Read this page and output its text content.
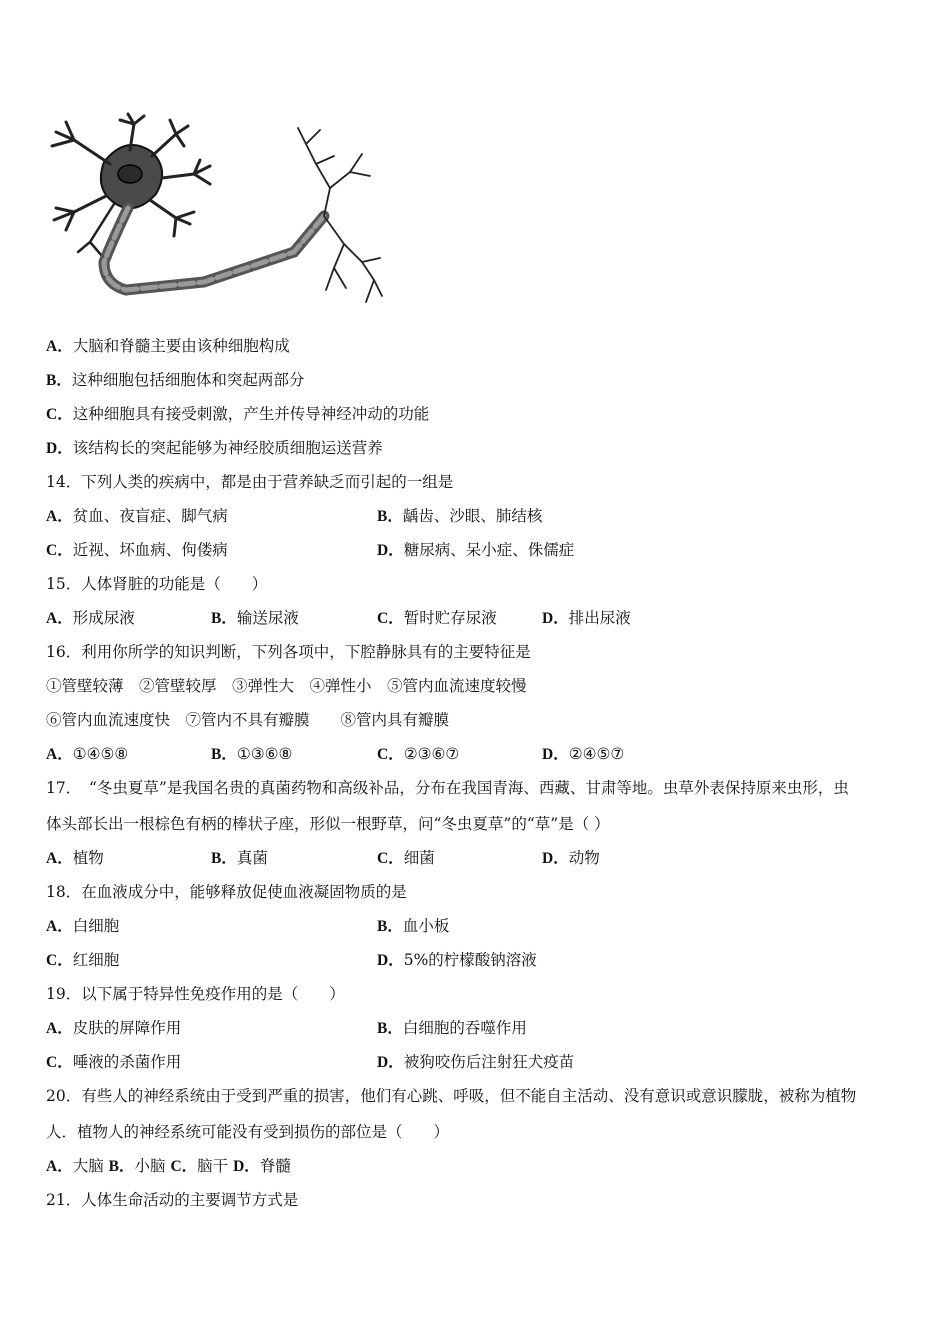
A．大脑和脊髓主要由该种细胞构成
B．这种细胞包括细胞体和突起两部分
C．这种细胞具有接受刺激，产生并传导神经冲动的功能
D．该结构长的突起能够为神经胶质细胞运送营养
14．下列人类的疾病中，都是由于营养缺乏而引起的一组是
A．贫血、夜盲症、脚气病	B．龋齿、沙眼、肺结核
C．近视、坏血病、佝偻病	D．糖尿病、呆小症、侏儒症
15．人体肾脏的功能是（　　）
A．形成尿液	B．输送尿液	C．暂时贮存尿液	D．排出尿液
16．利用你所学的知识判断，下列各项中，下腔静脉具有的主要特征是
①管壁较薄　②管壁较厚　③弹性大　④弹性小　⑤管内血流速度较慢
⑥管内血流速度快　⑦管内不具有瓣膜　　⑧管内具有瓣膜
A．①④⑤⑧	B．①③⑥⑧	C．②③⑥⑦	D．②④⑤⑦
17．　“冬虫夏草”是我国名贵的真菌药物和高级补品，分布在我国青海、西藏、甘肃等地。虫草外表保持原来虫形，虫
体头部长出一根棕色有柄的棒状子座，形似一根野草，问“冬虫夏草”的“草”是（ ）
A．植物	B．真菌	C．细菌	D．动物
18．在血液成分中，能够释放促使血液凝固物质的是
A．白细胞	B．血小板
C．红细胞	D．5%的柠檬酸钠溶液
19．以下属于特异性免疫作用的是（　　）
A．皮肤的屏障作用	B．白细胞的吞噬作用
C．唾液的杀菌作用	D．被狗咬伤后注射狂犬疫苗
20．有些人的神经系统由于受到严重的损害，他们有心跳、呼吸，但不能自主活动、没有意识或意识朦胧，被称为植物
人．植物人的神经系统可能没有受到损伤的部位是（　　）
A．大脑 B．小脑 C．脑干 D．脊髓
21．人体生命活动的主要调节方式是
